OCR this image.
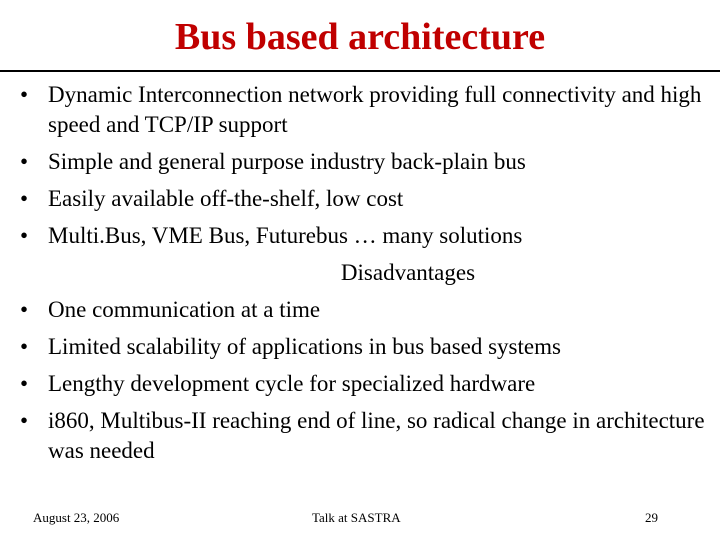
Bus based architecture
• Dynamic Interconnection network providing full connectivity and high speed and TCP/IP support
• Simple and general purpose industry back-plain bus
• Easily available off-the-shelf, low cost
• Multi.Bus, VME Bus, Futurebus … many solutions
Disadvantages
• One communication at a time
• Limited scalability of applications in bus based systems
• Lengthy development cycle for specialized hardware
• i860, Multibus-II reaching end of line, so radical change in architecture was needed
August 23, 2006	Talk at SASTRA	29
